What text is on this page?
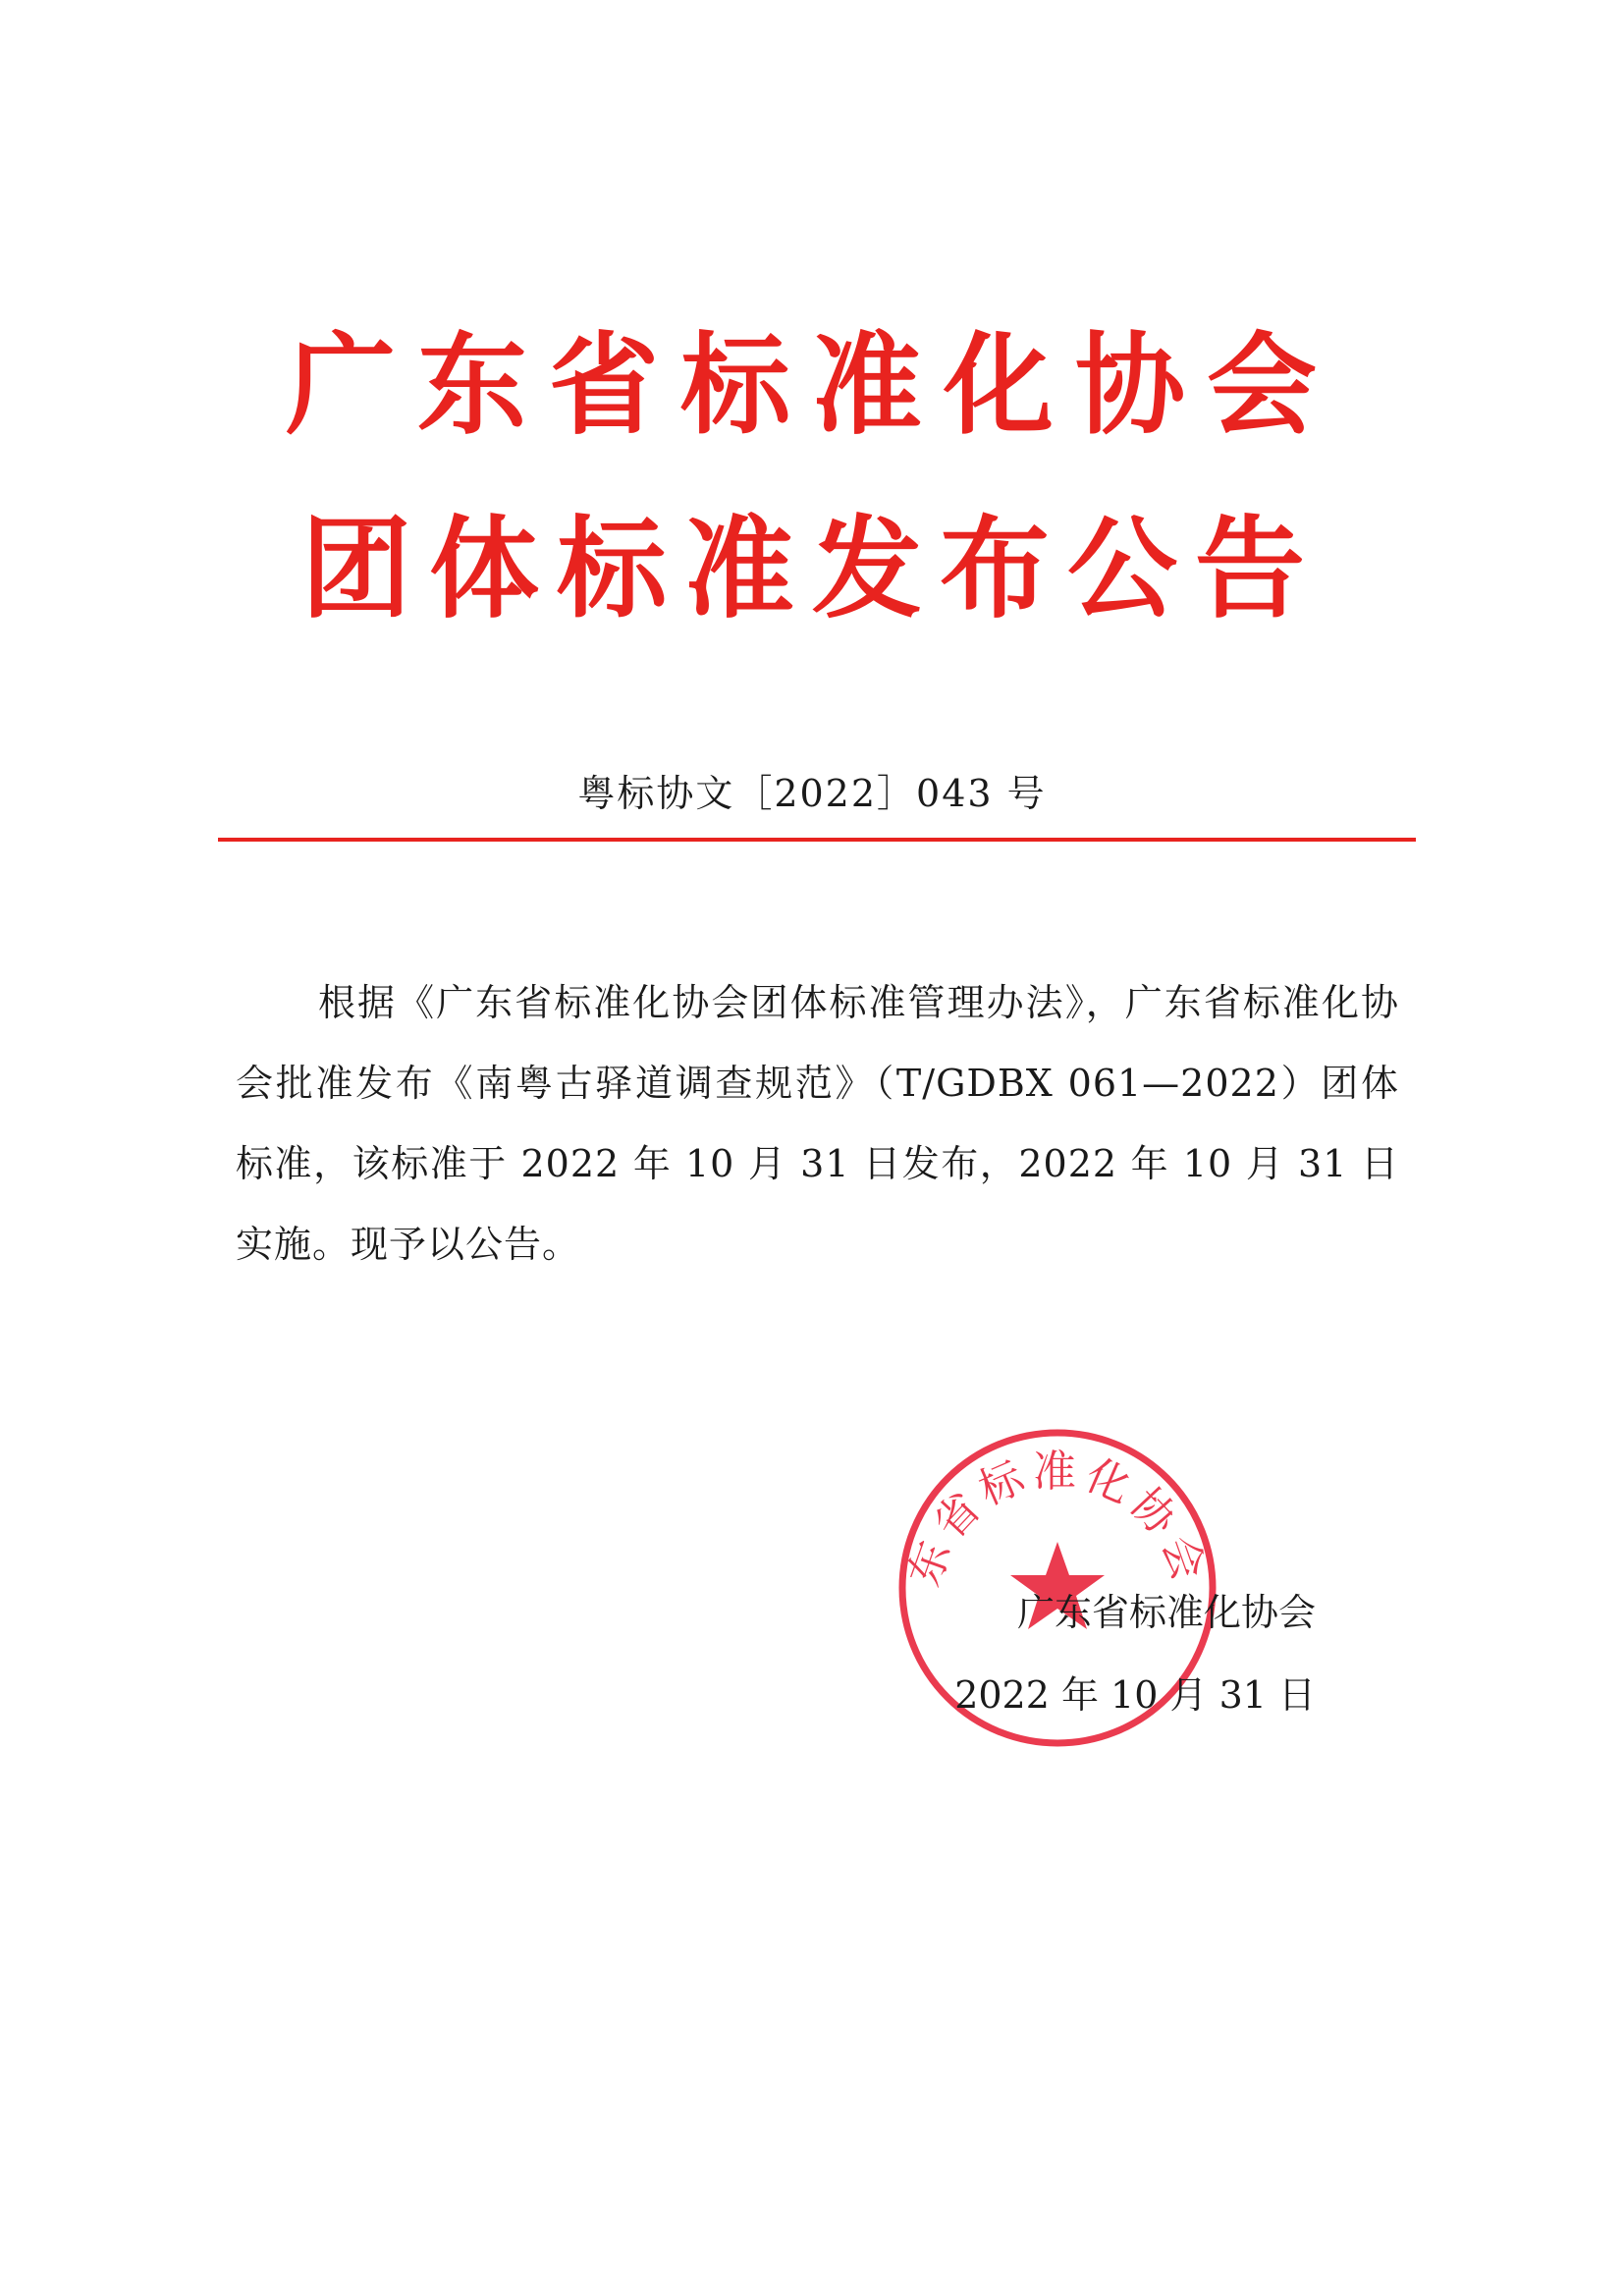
广东省标准化协会
团体标准发布公告
粤标协文［2022］043 号
根据《广东省标准化协会团体标准管理办法》，广东省标准化协会批准发布《南粤古驿道调查规范》（T/GDBX 061—2022）团体标准，该标准于 2022 年 10 月 31 日发布，2022 年 10 月 31 日实施。现予以公告。
东省标准化协会
广东省标准化协会
2022 年 10 月 31 日
